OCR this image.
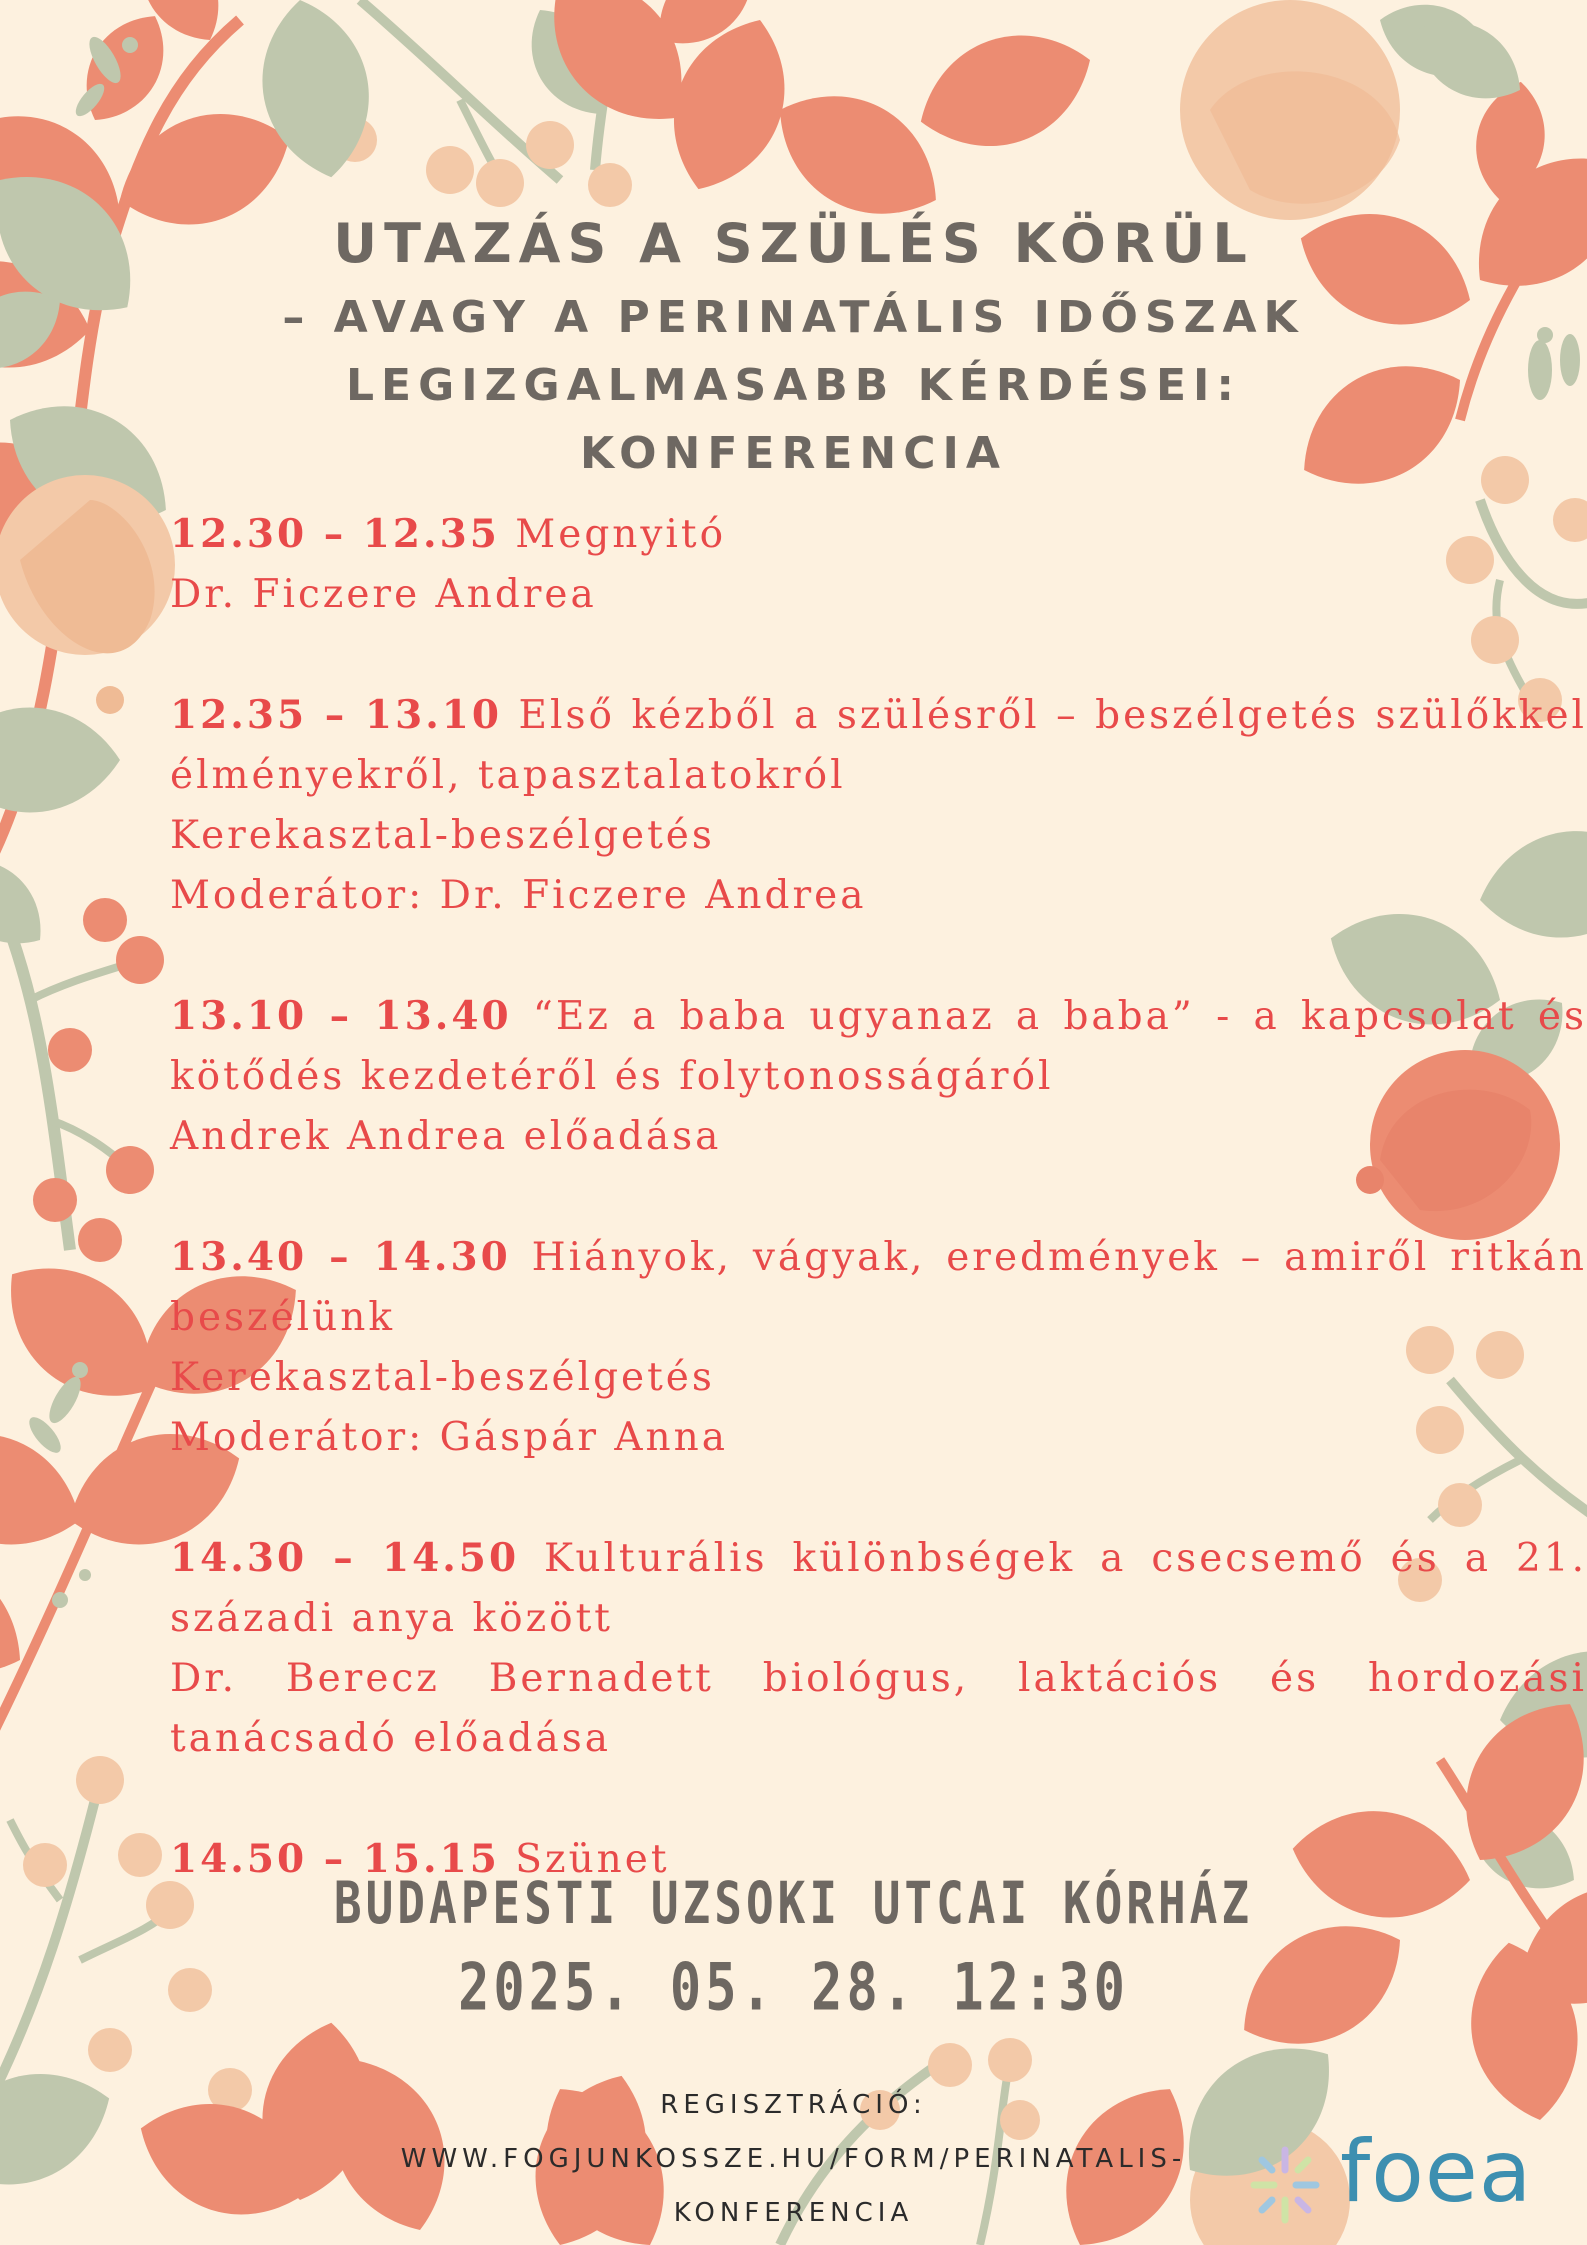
UTAZÁS A SZÜLÉS KÖRÜL
– AVAGY A PERINATÁLIS IDŐSZAK
LEGIZGALMASABB KÉRDÉSEI:
KONFERENCIA
12.30 – 12.35 Megnyitó
Dr. Ficzere Andrea
12.35 – 13.10 Első kézből a szülésről – beszélgetés szülőkkel élményekről, tapasztalatokról
Kerekasztal-beszélgetés
Moderátor: Dr. Ficzere Andrea
13.10 – 13.40 “Ez a baba ugyanaz a baba” - a kapcsolat és kötődés kezdetéről és folytonosságáról
Andrek Andrea előadása
13.40 – 14.30 Hiányok, vágyak, eredmények – amiről ritkán beszélünk
Kerekasztal-beszélgetés
Moderátor: Gáspár Anna
14.30 – 14.50 Kulturális különbségek a csecsemő és a 21. századi anya között
Dr. Berecz Bernadett biológus, laktációs és hordozási tanácsadó előadása
14.50 – 15.15 Szünet
BUDAPESTI UZSOKI UTCAI KÓRHÁZ
2025. 05. 28. 12:30
REGISZTRÁCIÓ:
WWW.FOGJUNKOSSZE.HU/FORM/PERINATALIS-
KONFERENCIA	foea
